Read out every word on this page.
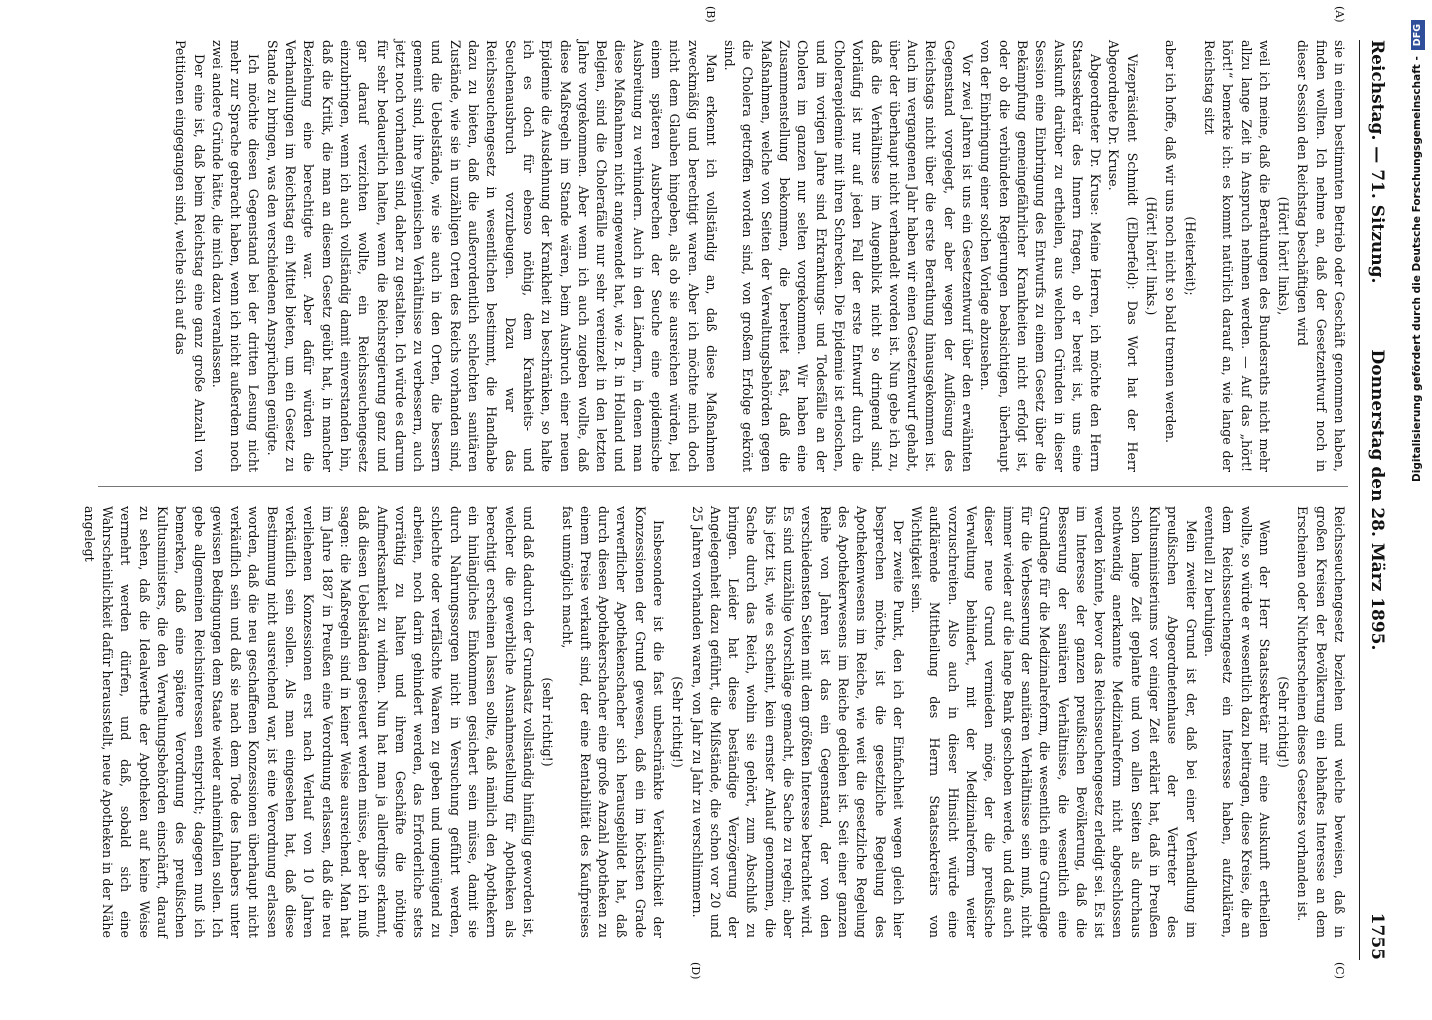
Reichstag. — 71. Sitzung.
Donnerstag den 28. März 1895.
1755
(A)
(B)
(C)
(D)

sie in einem bestimmten Betrieb oder Geschäft genommen haben, finden wollten. Ich nehme an, daß der Gesetzentwurf noch in dieser Session den Reichstag beschäftigen wird

(Hört! hört! links),

weil ich meine, daß die Berathungen des Bundesraths nicht mehr allzu lange Zeit in Anspruch nehmen werden. — Auf das „hört! hört!“ bemerke ich: es kommt natürlich darauf an, wie lange der Reichstag sitzt

(Heiterkeit);

aber ich hoffe, daß wir uns noch nicht so bald trennen werden.

(Hört! hört! links.)

Vizepräsident Schmidt (Elberfeld): Das Wort hat der Herr Abgeordnete Dr. Kruse.

Abgeordneter Dr. Kruse: Meine Herren, ich möchte den Herrn Staatssekretär des Innern fragen, ob er bereit ist, uns eine Auskunft darüber zu ertheilen, aus welchen Gründen in dieser Session eine Einbringung des Entwurfs zu einem Gesetz über die Bekämpfung gemeingefährlicher Krankheiten nicht erfolgt ist, oder ob die verbündeten Regierungen beabsichtigen, überhaupt von der Einbringung einer solchen Vorlage abzusehen.

Vor zwei Jahren ist uns ein Gesetzentwurf über den erwähnten Gegenstand vorgelegt, der aber wegen der Auflösung des Reichstags nicht über die erste Berathung hinausgekommen ist. Auch im vergangenen Jahr haben wir einen Gesetzentwurf gehabt, über der überhaupt nicht verhandelt worden ist. Nun gebe ich zu, daß die Verhältnisse im Augenblick nicht so dringend sind. Vorläufig ist nur auf jeden Fall der erste Entwurf durch die Choleraepidemie mit ihren Schrecken. Die Epidemie ist erloschen, und im vorigen Jahre sind Erkrankungs- und Todesfälle an der Cholera im ganzen nur selten vorgekommen. Wir haben eine Zusammenstellung bekommen, die bereitet fast, daß die Maßnahmen, welche von Seiten der Verwaltungsbehörden gegen die Cholera getroffen worden sind, von großem Erfolge gekrönt sind.

Man erkennt ich vollständig an, daß diese Maßnahmen zweckmäßig und berechtigt waren. Aber ich möchte mich doch nicht dem Glauben hingeben, als ob sie ausreichen würden, bei einem späteren Ausbrechen der Seuche eine epidemische Ausbreitung zu verhindern. Auch in den Ländern, in denen man diese Maßnahmen nicht angewendet hat, wie z. B. in Holland und Belgien, sind die Cholerafälle nur sehr vereinzelt in den letzten Jahre vorgekommen. Aber wenn ich auch zugeben wollte, daß diese Maßregeln im Stande wären, beim Ausbruch einer neuen Epidemie die Ausdehnung der Krankheit zu beschränken, so halte ich es doch für ebenso nöthig, dem Krankheits- und Seuchenausbruch vorzubeugen. Dazu war das Reichsseuchengesetz in wesentlichen bestimmt, die Handhabe dazu zu bieten, daß die außerordentlich schlechten sanitären Zustände, wie sie in unzähligen Orten des Reichs vorhanden sind, und die Uebelstände, wie sie auch in den Orten, die bessern gemeint sind, ihre hygienischen Verhältnisse zu verbessern, auch jetzt noch vorhanden sind, daher zu gestalten. Ich würde es darum für sehr bedauerlich halten, wenn die Reichsregierung ganz und gar darauf verzichten wollte, ein Reichsseuchengesetz einzubringen, wenn ich auch vollständig damit einverstanden bin, daß die Kritik, die man an diesem Gesetz geübt hat, in mancher Beziehung eine berechtigte war. Aber dafür würden die Verhandlungen im Reichstag ein Mittel bieten, um ein Gesetz zu Stande zu bringen, was den verschiedenen Ansprüchen genügte.

Ich möchte diesen Gegenstand bei der dritten Lesung nicht mehr zur Sprache gebracht haben, wenn ich nicht außerdem noch zwei andere Gründe hätte, die mich dazu veranlassen.

Der eine ist, daß beim Reichstag eine ganz große Anzahl von Petitionen eingegangen sind, welche sich auf das

Reichsseuchengesetz beziehen und welche beweisen, daß in großen Kreisen der Bevölkerung ein lebhaftes Interesse an dem Erscheinen oder Nichterscheinen dieses Gesetzes vorhanden ist.

(Sehr richtig!)

Wenn der Herr Staatssekretär mir eine Auskunft ertheilen wollte, so würde er wesentlich dazu beitragen, diese Kreise, die an dem Reichsseuchengesetz ein Interesse haben, aufzuklären, eventuell zu beruhigen.

Mein zweiter Grund ist der, daß bei einer Verhandlung im preußischen Abgeordnetenhause der Vertreter des Kultusministeriums vor einiger Zeit erklärt hat, daß in Preußen schon lange Zeit geplante und von allen Seiten als durchaus nothwendig anerkannte Medizinalreform nicht abgeschlossen werden könnte, bevor das Reichsseuchengesetz erledigt sei. Es ist im Interesse der ganzen preußischen Bevölkerung, daß die Besserung der sanitären Verhältnisse, die wesentlich eine Grundlage für die Medizinalreform, die wesentlich eine Grundlage für die Verbesserung der sanitären Verhältnisse sein muß, nicht immer wieder auf die lange Bank geschoben werde, und daß auch dieser neue Grund vermieden möge, der die preußische Verwaltung behindert, mit der Medizinalreform weiter vorzuschreiten. Also auch in dieser Hinsicht würde eine aufklärende Mittheilung des Herrn Staatssekretärs von Wichtigkeit sein.

Der zweite Punkt, den ich der Einfachheit wegen gleich hier besprechen möchte, ist die gesetzliche Regelung des Apothekenwesens im Reiche, wie weit die gesetzliche Regelung des Apothekerwesens im Reiche gediehen ist. Seit einer ganzen Reihe von Jahren ist das ein Gegenstand, der von den verschiedensten Seiten mit dem größten Interesse betrachtet wird. Es sind unzählige Vorschläge gemacht, die Sache zu regeln; aber bis jetzt ist, wie es scheint, kein ernster Anlauf genommen, die Sache durch das Reich, wohin sie gehört, zum Abschluß zu bringen. Leider hat diese beständige Verzögerung der Angelegenheit dazu geführt, die Mißstände, die schon vor 20 und 25 Jahren vorhanden waren, von Jahr zu Jahr zu verschlimmern.

(Sehr richtig!)

Insbesondere ist die fast unbeschränkte Verkäuflichkeit der Konzessionen der Grund gewesen, daß ein im höchsten Grade verwerflicher Apothekenschacher sich herausgebildet hat, daß durch diesen Apothekerschacher eine große Anzahl Apotheken zu einem Preise verkauft sind, der eine Rentabilität des Kaufpreises fast unmöglich macht,

(sehr richtig!)

und daß dadurch der Grundsatz vollständig hinfällig geworden ist, welcher die gewerbliche Ausnahmestellung für Apotheken als berechtigt erscheinen lassen sollte, daß nämlich den Apothekern ein hinlängliches Einkommen gesichert sein müsse, damit sie durch Nahrungssorgen nicht in Versuchung geführt werden, schlechte oder verfälschte Waaren zu geben und ungenügend zu arbeiten, noch darin gehindert werden, das Erforderliche stets vorräthig zu halten und ihrem Geschäfte die nöthige Aufmerksamkeit zu widmen. Nun hat man ja allerdings erkannt, daß diesen Uebelständen gesteuert werden müsse, aber ich muß sagen: die Maßregeln sind in keiner Weise ausreichend. Man hat im Jahre 1887 in Preußen eine Verordnung erlassen, daß die neu verliehenen Konzessionen erst nach Verlauf von 10 Jahren verkäuflich sein sollen. Als man eingesehen hat, daß diese Bestimmung nicht ausreichend war, ist eine Verordnung erlassen worden, daß die neu geschaffenen Konzessionen überhaupt nicht verkäuflich sein und daß sie nach dem Tode des Inhabers unter gewissen Bedingungen dem Staate wieder anheimfallen sollen. Ich gebe allgemeinen Reichsinteressen entspricht; dagegen muß ich bemerken, daß eine spätere Verordnung des preußischen Kultusministers, die den Verwaltungsbehörden einschärft, darauf zu sehen, daß die Idealwerthe der Apotheken auf keine Weise vermehrt werden dürfen, und daß, sobald sich eine Wahrscheinlichkeit dafür herausstellt, neue Apotheken in der Nähe angelegt

Digitalisierung gefördert durch die Deutsche Forschungsgemeinschaft -DFG
